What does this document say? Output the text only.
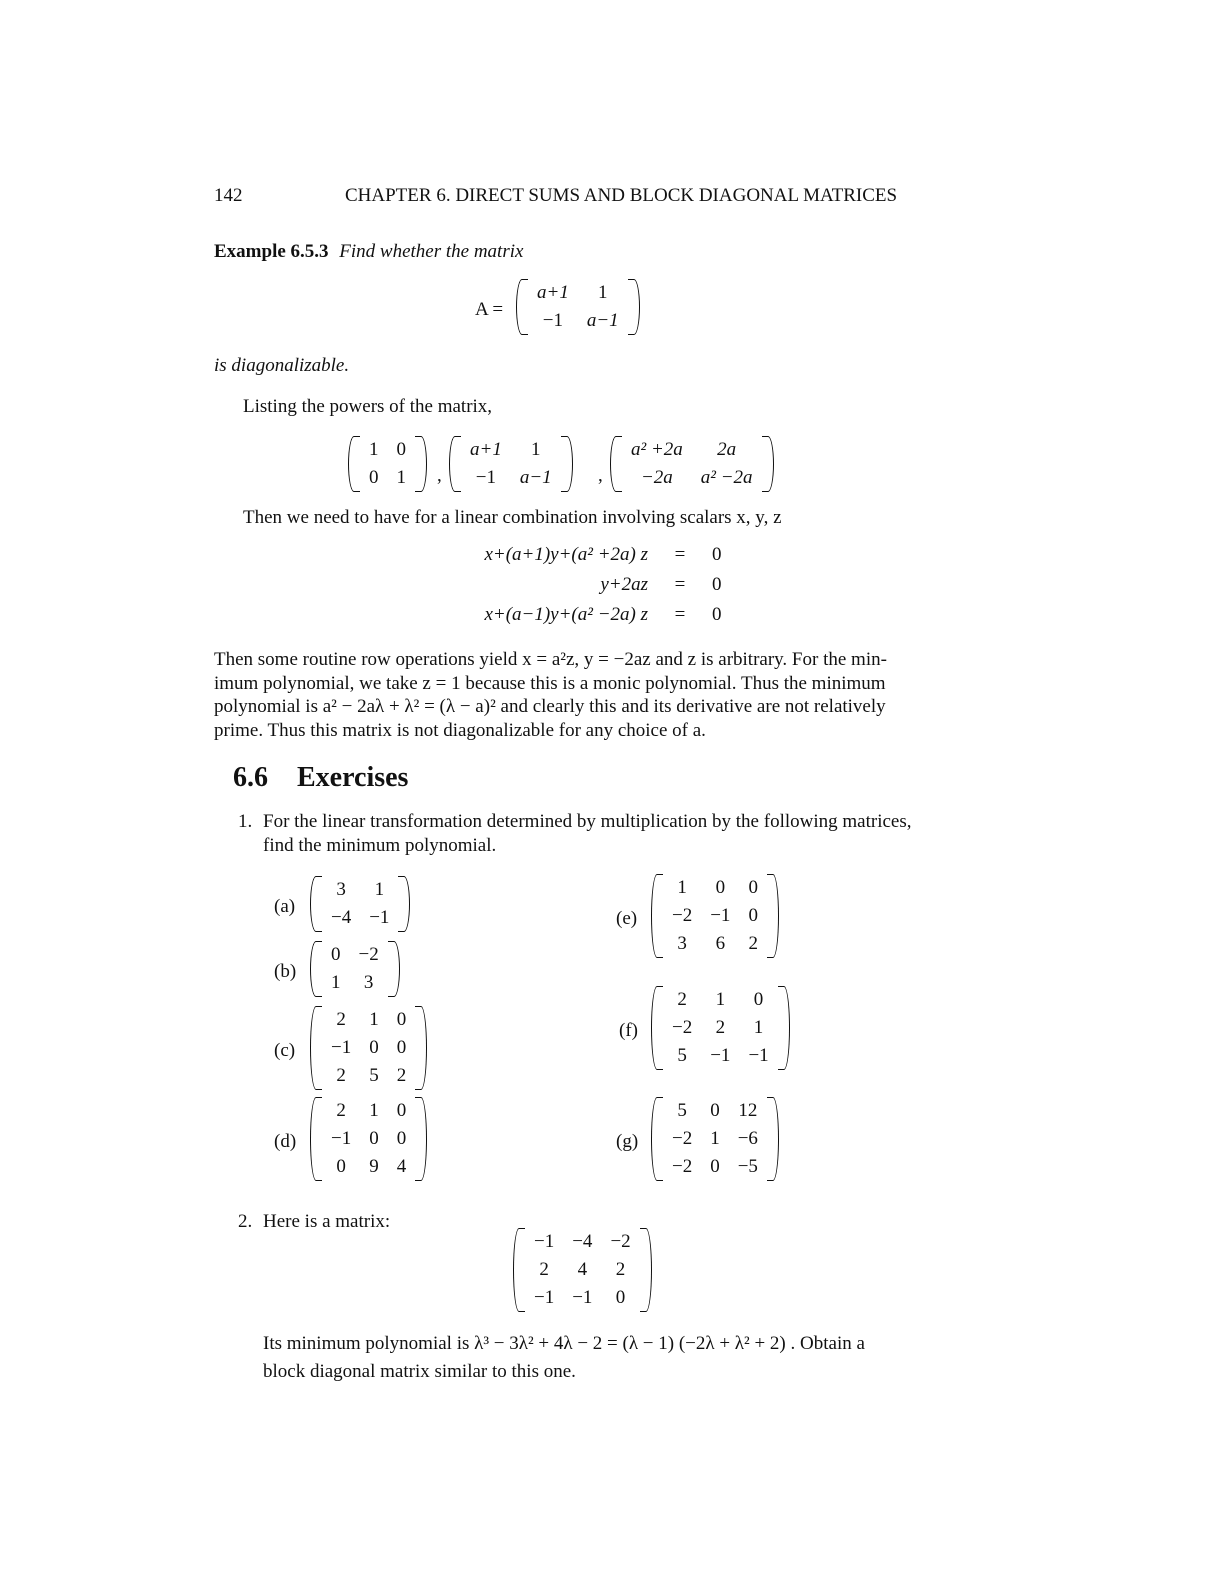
142	CHAPTER 6. DIRECT SUMS AND BLOCK DIAGONAL MATRICES
Example 6.5.3 Find whether the matrix
A =
a+1	1
−1	a−1
is diagonalizable.
Listing the powers of the matrix,
1	0
0	1 ,
a+1	1
−1	a−1 ,
a² +2a	2a
−2a	a² −2a
Then we need to have for a linear combination involving scalars x, y, z
x+(a+1)y+(a² +2a) z	=	0
y+2az	=	0
x+(a−1)y+(a² −2a) z	=	0
Then some routine row operations yield x = a²z, y = −2az and z is arbitrary. For the min-
imum polynomial, we take z = 1 because this is a monic polynomial. Thus the minimum
polynomial is a² − 2aλ + λ² = (λ − a)² and clearly this and its derivative are not relatively
prime. Thus this matrix is not diagonalizable for any choice of a.
6.6 Exercises
1. For the linear transformation determined by multiplication by the following matrices,
find the minimum polynomial.
(a)
3	1
−4	−1
(b)
0	−2
1	3
(c)
2	1	0
−1	0	0
2	5	2
(d)
2	1	0
−1	0	0
0	9	4
(e)
1	0	0
−2	−1	0
3	6	2
(f)
2	1	0
−2	2	1
5	−1	−1
(g)
5	0	12
−2	1	−6
−2	0	−5
2. Here is a matrix:
−1	−4	−2
2	4	2
−1	−1	0
Its minimum polynomial is λ³ − 3λ² + 4λ − 2 = (λ − 1) (−2λ + λ² + 2) . Obtain a
block diagonal matrix similar to this one.
